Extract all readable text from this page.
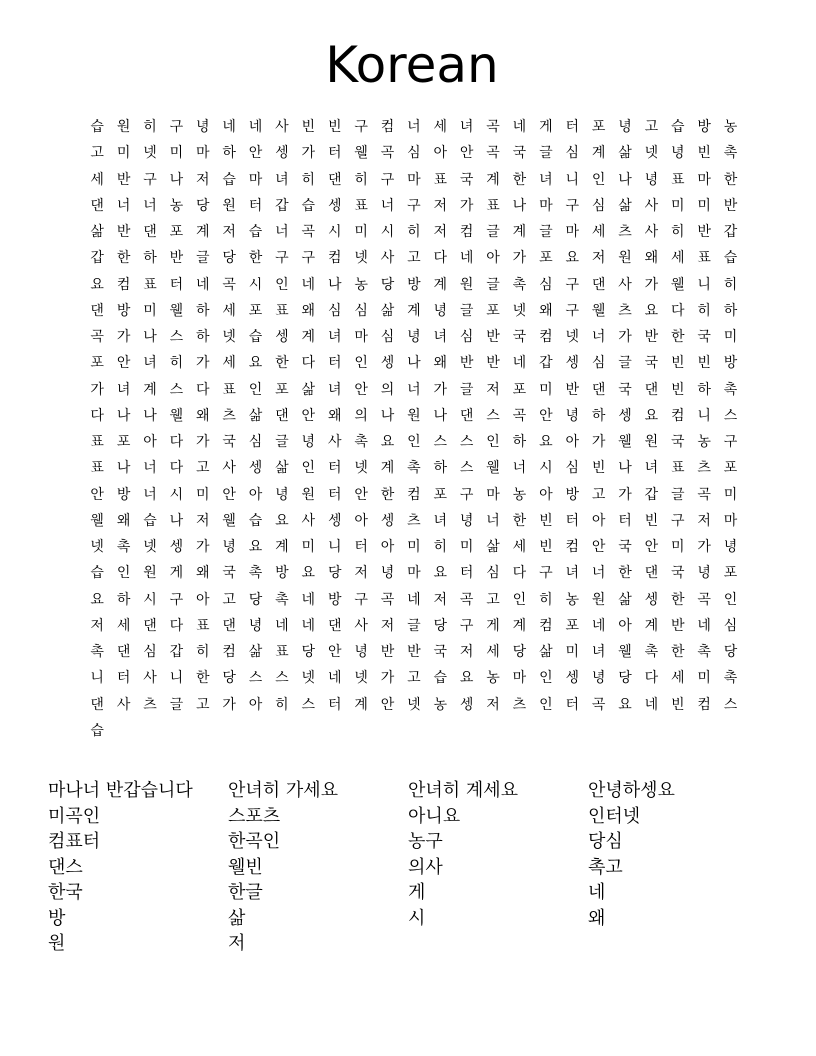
Korean
습 원 히 구 녕 네 네 사 빈 빈 구 컴 너 세 녀 곡 네 게 터 포 녕 고 습 방 농
고 미 넷 미 마 하 안 셍 가 터 웰 곡 심 아 안 곡 국 글 심 계 삶 넷 녕 빈 촉
세 반 구 나 저 습 마 녀 히 댄 히 구 마 표 국 계 한 녀 니 인 나 녕 표 마 한
댄 너 너 농 당 원 터 갑 습 셍 표 너 구 저 가 표 나 마 구 심 삶 사 미 미 반
삶 반 댄 포 계 저 습 너 곡 시 미 시 히 저 컴 글 계 글 마 세 츠 사 히 반 갑
갑 한 하 반 글 당 한 구 구 컴 넷 사 고 다 네 아 가 포 요 저 원 왜 세 표 습
요 컴 표 터 네 곡 시 인 네 나 농 당 방 계 원 글 촉 심 구 댄 사 가 웰 니 히
댄 방 미 웰 하 세 포 표 왜 심 심 삶 계 녕 글 포 넷 왜 구 웰 츠 요 다 히 하
곡 가 나 스 하 넷 습 셍 계 녀 마 심 녕 녀 심 반 국 컴 넷 너 가 반 한 국 미
포 안 녀 히 가 세 요 한 다 터 인 셍 나 왜 반 반 네 갑 셍 심 글 국 빈 빈 방
가 녀 계 스 다 표 인 포 삶 녀 안 의 너 가 글 저 포 미 반 댄 국 댄 빈 하 촉
다 나 나 웰 왜 츠 삶 댄 안 왜 의 나 원 나 댄 스 곡 안 녕 하 셍 요 컴 니 스
표 포 아 다 가 국 심 글 녕 사 촉 요 인 스 스 인 하 요 아 가 웰 원 국 농 구
표 나 너 다 고 사 셍 삶 인 터 넷 계 촉 하 스 웰 너 시 심 빈 나 녀 표 츠 포
안 방 너 시 미 안 아 녕 원 터 안 한 컴 포 구 마 농 아 방 고 가 갑 글 곡 미
웰 왜 습 나 저 웰 습 요 사 셍 아 셍 츠 녀 녕 너 한 빈 터 아 터 빈 구 저 마
넷 촉 넷 셍 가 녕 요 계 미 니 터 아 미 히 미 삶 세 빈 컴 안 국 안 미 가 녕
습 인 원 게 왜 국 촉 방 요 당 저 녕 마 요 터 심 다 구 녀 너 한 댄 국 녕 포
요 하 시 구 아 고 당 촉 네 방 구 곡 네 저 곡 고 인 히 농 원 삶 셍 한 곡 인
저 세 댄 다 표 댄 녕 네 네 댄 사 저 글 당 구 게 계 컴 포 네 아 계 반 네 심
촉 댄 심 갑 히 컴 삶 표 당 안 녕 반 반 국 저 세 당 삶 미 녀 웰 촉 한 촉 당
니 터 사 니 한 당 스 스 넷 네 넷 가 고 습 요 농 마 인 셍 녕 당 다 세 미 촉
댄 사 츠 글 고 가 아 히 스 터 계 안 넷 농 셍 저 츠 인 터 곡 요 네 빈 컴 스
습
마나너 반갑습니다	안녀히 가세요	안녀히 계세요	안녕하셍요
미곡인	스포츠	아니요	인터넷
컴표터	한곡인	농구	당심
댄스	웰빈	의사	촉고
한국	한글	게	네
방	삶	시	왜
원	저
